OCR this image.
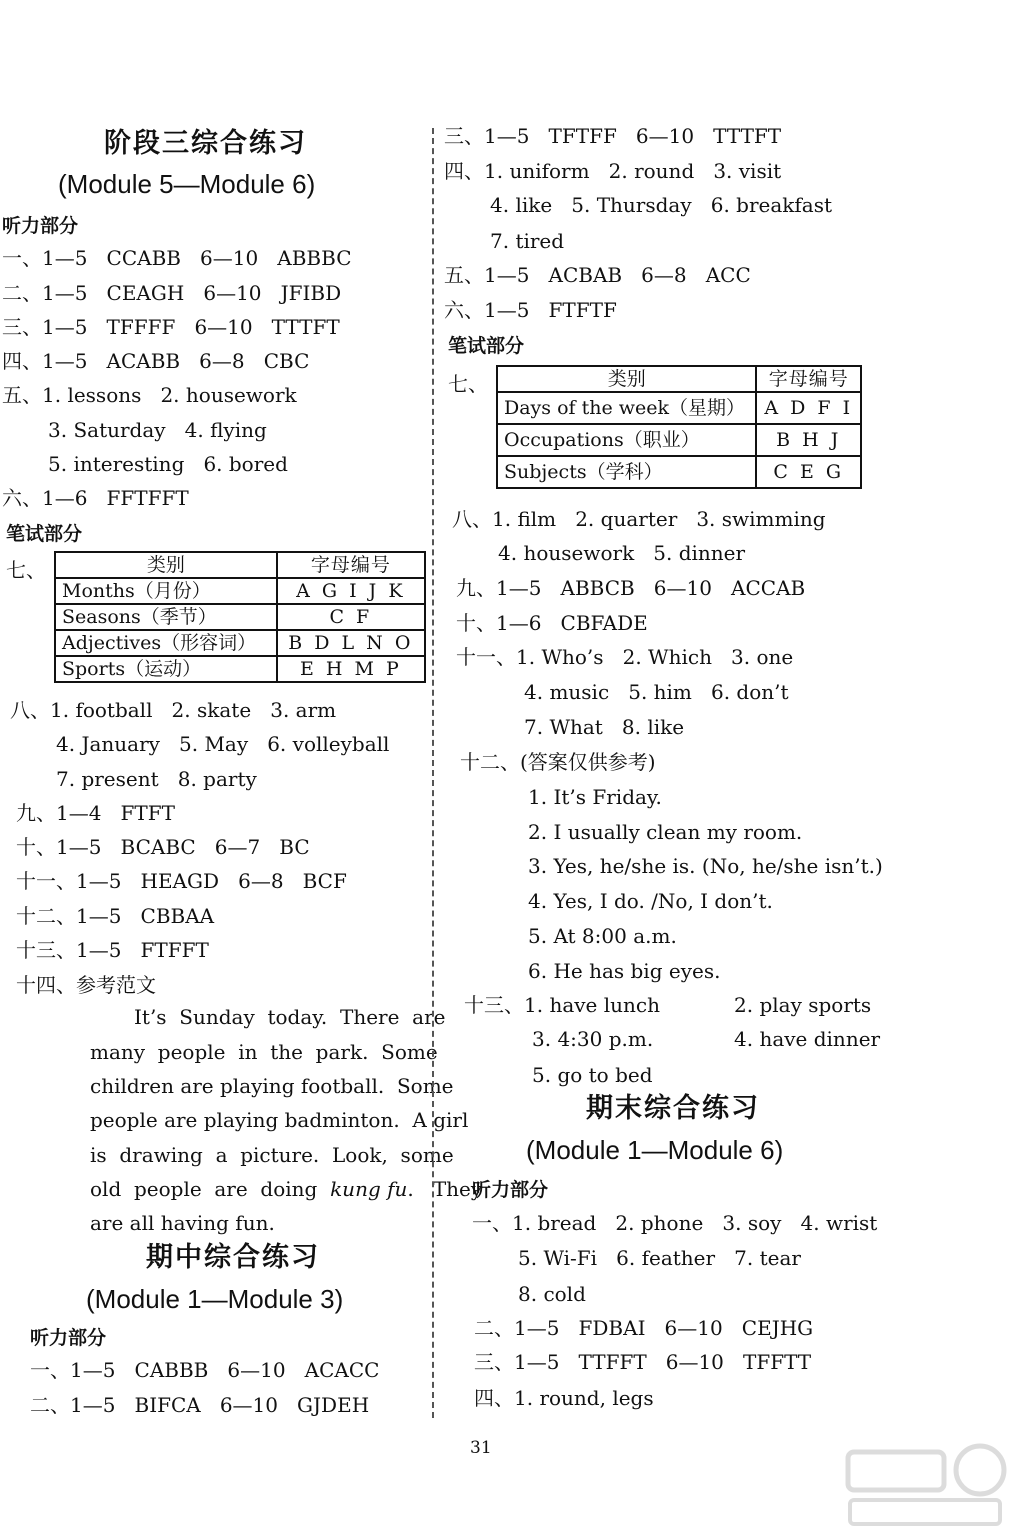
阶段三综合练习
(Module 5—Module 6)
听力部分
一、1—5   CCABB   6—10   ABBBC
二、1—5   CEAGH   6—10   JFIBD
三、1—5   TFFFF   6—10   TTTFT
四、1—5   ACABB   6—8   CBC
五、1. lessons   2. housework
3. Saturday   4. flying
5. interesting   6. bored
六、1—6   FFTFFT
笔试部分
七、	类别	字母编号
Months（月份）	A G I J K
Seasons（季节）	C F
Adjectives（形容词）	B D L N O
Sports（运动）	E H M P
八、1. football   2. skate   3. arm
4. January   5. May   6. volleyball
7. present   8. party
九、1—4   FTFT
十、1—5   BCABC   6—7   BC
十一、1—5   HEAGD   6—8   BCF
十二、1—5   CBBAA
十三、1—5   FTFFT
十四、参考范文
It’s  Sunday  today.  There  are
many  people  in  the  park.  Some
children are playing football.  Some
people are playing badminton.  A girl
is  drawing  a  picture.  Look,  some
old  people  are  doing  kung fu.   They
are all having fun.
期中综合练习
(Module 1—Module 3)
听力部分
一、1—5   CABBB   6—10   ACACC
二、1—5   BIFCA   6—10   GJDEH
三、1—5   TFTFF   6—10   TTTFT
四、1. uniform   2. round   3. visit
4. like   5. Thursday   6. breakfast
7. tired
五、1—5   ACBAB   6—8   ACC
六、1—5   FTFTF
笔试部分
七、	类别	字母编号
Days of the week（星期）	A D F I
Occupations（职业）	B H J
Subjects（学科）	C E G
八、1. film   2. quarter   3. swimming
4. housework   5. dinner
九、1—5   ABBCB   6—10   ACCAB
十、1—6   CBFADE
十一、1. Who’s   2. Which   3. one
4. music   5. him   6. don’t
7. What   8. like
十二、(答案仅供参考)
1. It’s Friday.
2. I usually clean my room.
3. Yes, he/she is. (No, he/she isn’t.)
4. Yes, I do. /No, I don’t.
5. At 8:00 a.m.
6. He has big eyes.
十三、1. have lunch	2. play sports
3. 4:30 p.m.	4. have dinner
5. go to bed
期末综合练习
(Module 1—Module 6)
听力部分
一、1. bread   2. phone   3. soy   4. wrist
5. Wi-Fi   6. feather   7. tear
8. cold
二、1—5   FDBAI   6—10   CEJHG
三、1—5   TTFFT   6—10   TFFTT
四、1. round, legs
31
